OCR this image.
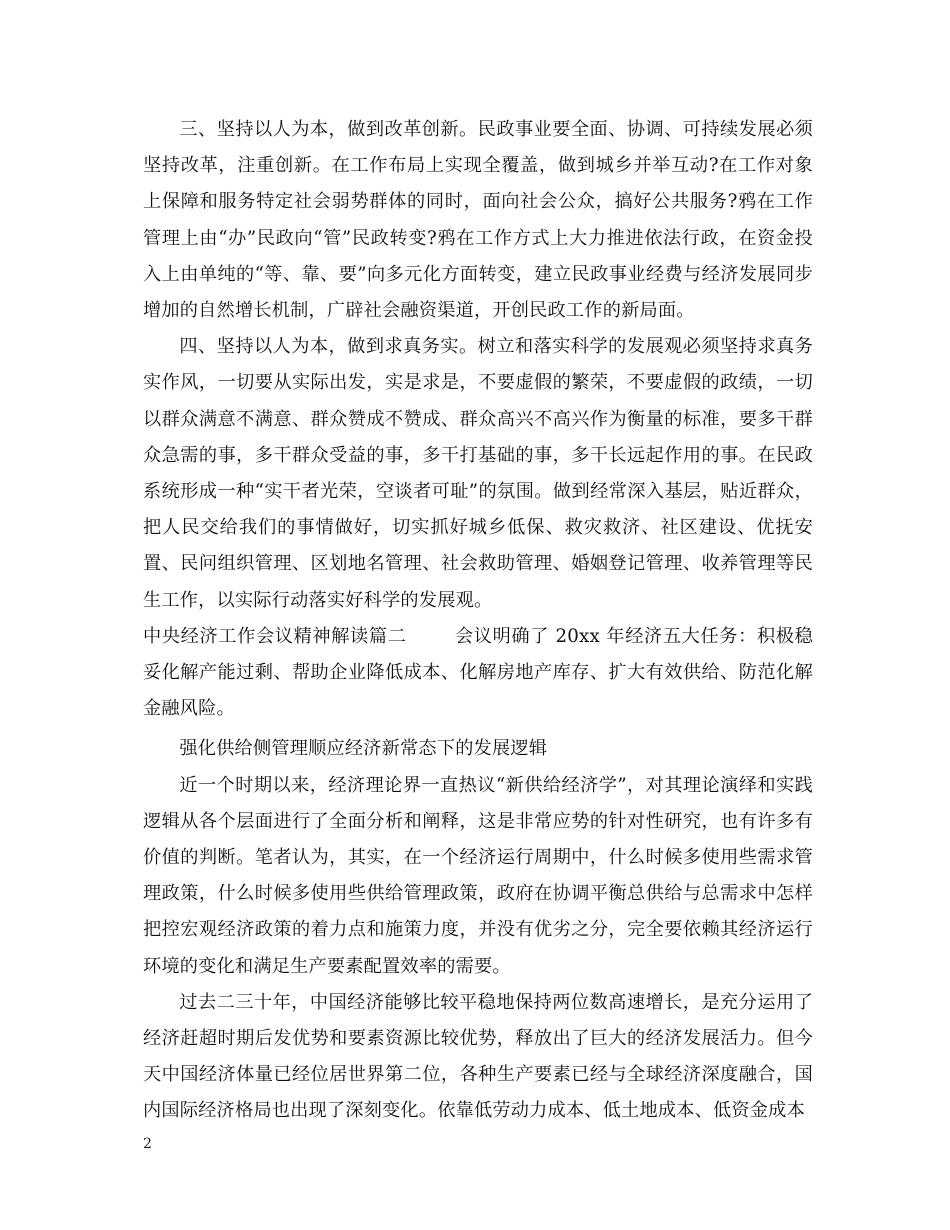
三、坚持以人为本，做到改革创新。民政事业要全面、协调、可持续发展必须坚持改革，注重创新。在工作布局上实现全覆盖，做到城乡并举互动?在工作对象上保障和服务特定社会弱势群体的同时，面向社会公众，搞好公共服务?鸦在工作管理上由“办”民政向“管”民政转变?鸦在工作方式上大力推进依法行政，在资金投入上由单纯的“等、靠、要”向多元化方面转变，建立民政事业经费与经济发展同步增加的自然增长机制，广辟社会融资渠道，开创民政工作的新局面。

四、坚持以人为本，做到求真务实。树立和落实科学的发展观必须坚持求真务实作风，一切要从实际出发，实是求是，不要虚假的繁荣，不要虚假的政绩，一切以群众满意不满意、群众赞成不赞成、群众高兴不高兴作为衡量的标准，要多干群众急需的事，多干群众受益的事，多干打基础的事，多干长远起作用的事。在民政系统形成一种“实干者光荣，空谈者可耻”的氛围。做到经常深入基层，贴近群众，把人民交给我们的事情做好，切实抓好城乡低保、救灾救济、社区建设、优抚安置、民问组织管理、区划地名管理、社会救助管理、婚姻登记管理、收养管理等民生工作，以实际行动落实好科学的发展观。

中央经济工作会议精神解读篇二	会议明确了 20xx 年经济五大任务：积极稳妥化解产能过剩、帮助企业降低成本、化解房地产库存、扩大有效供给、防范化解金融风险。

强化供给侧管理顺应经济新常态下的发展逻辑

近一个时期以来，经济理论界一直热议“新供给经济学”，对其理论演绎和实践逻辑从各个层面进行了全面分析和阐释，这是非常应势的针对性研究，也有许多有价值的判断。笔者认为，其实，在一个经济运行周期中，什么时候多使用些需求管理政策，什么时候多使用些供给管理政策，政府在协调平衡总供给与总需求中怎样把控宏观经济政策的着力点和施策力度，并没有优劣之分，完全要依赖其经济运行环境的变化和满足生产要素配置效率的需要。

过去二三十年，中国经济能够比较平稳地保持两位数高速增长，是充分运用了经济赶超时期后发优势和要素资源比较优势，释放出了巨大的经济发展活力。但今天中国经济体量已经位居世界第二位，各种生产要素已经与全球经济深度融合，国内国际经济格局也出现了深刻变化。依靠低劳动力成本、低土地成本、低资金成本

2
